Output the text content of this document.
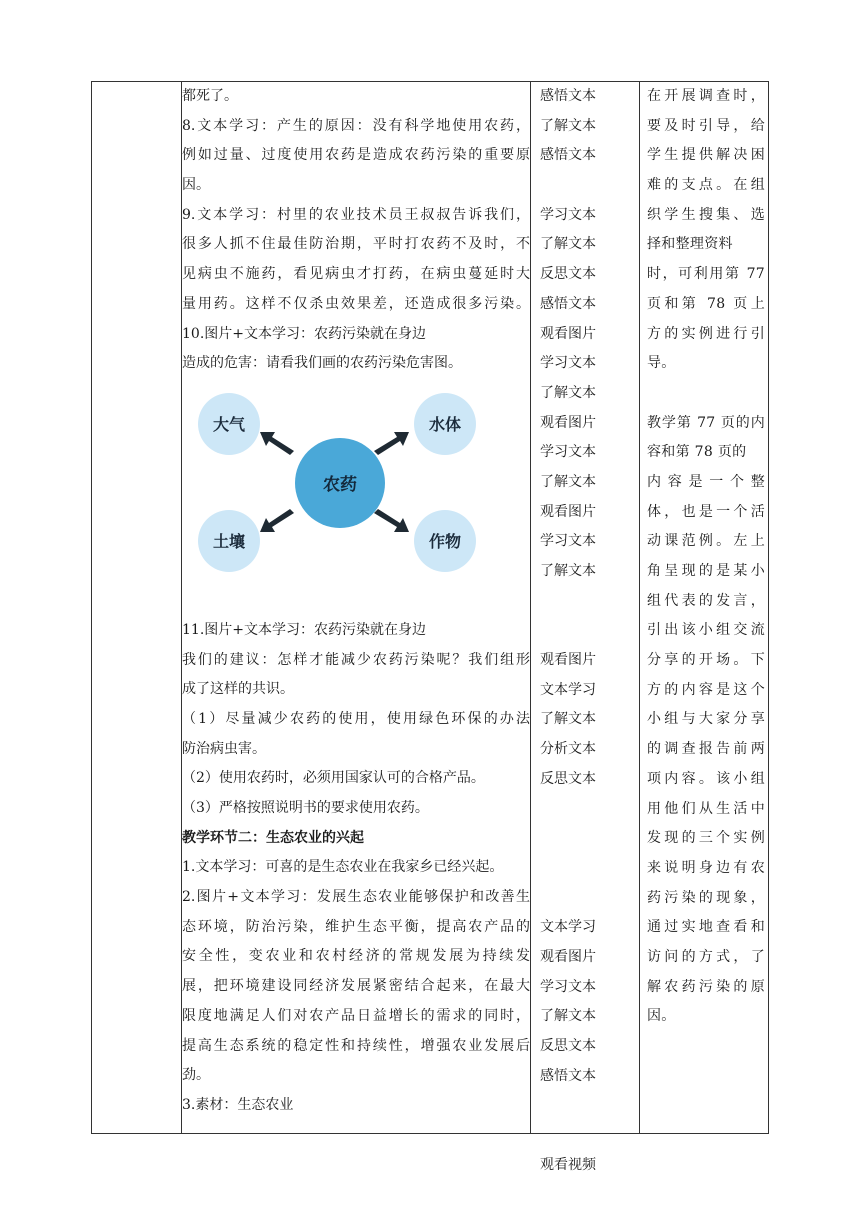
都死了。
8.文本学习：产生的原因：没有科学地使用农药，
例如过量、过度使用农药是造成农药污染的重要原
因。
9.文本学习：村里的农业技术员王叔叔告诉我们，
很多人抓不住最佳防治期，平时打农药不及时，不
见病虫不施药，看见病虫才打药，在病虫蔓延时大
量用药。这样不仅杀虫效果差，还造成很多污染。
10.图片+文本学习：农药污染就在身边
造成的危害：请看我们画的农药污染危害图。
大气	水体
农药
土壤	作物
11.图片+文本学习：农药污染就在身边
我们的建议：怎样才能减少农药污染呢？我们组形
成了这样的共识。
（1）尽量减少农药的使用，使用绿色环保的办法
防治病虫害。
（2）使用农药时，必须用国家认可的合格产品。
（3）严格按照说明书的要求使用农药。
教学环节二：生态农业的兴起
1.文本学习：可喜的是生态农业在我家乡已经兴起。
2.图片+文本学习：发展生态农业能够保护和改善生
态环境，防治污染，维护生态平衡，提高农产品的
安全性，变农业和农村经济的常规发展为持续发
展，把环境建设同经济发展紧密结合起来，在最大
限度地满足人们对农产品日益增长的需求的同时，
提高生态系统的稳定性和持续性，增强农业发展后
劲。
3.素材：生态农业
感悟文本
了解文本
感悟文本
学习文本
了解文本
反思文本
感悟文本
观看图片
学习文本
了解文本
观看图片
学习文本
了解文本
观看图片
学习文本
了解文本
观看图片
文本学习
了解文本
分析文本
反思文本
文本学习
观看图片
学习文本
了解文本
反思文本
感悟文本
观看视频
在开展调查时，
要及时引导，给
学生提供解决困
难的支点。在组
织学生搜集、选
择和整理资料
时，可利用第 77
页和第 78 页上
方的实例进行引
导。
教学第 77 页的内
容和第 78 页的
内 容 是 一 个 整
体，也是一个活
动课范例。左上
角呈现的是某小
组代表的发言，
引出该小组交流
分享的开场。下
方的内容是这个
小组与大家分享
的调查报告前两
项内容。该小组
用他们从生活中
发现的三个实例
来说明身边有农
药污染的现象，
通过实地查看和
访问的方式，了
解农药污染的原
因。
